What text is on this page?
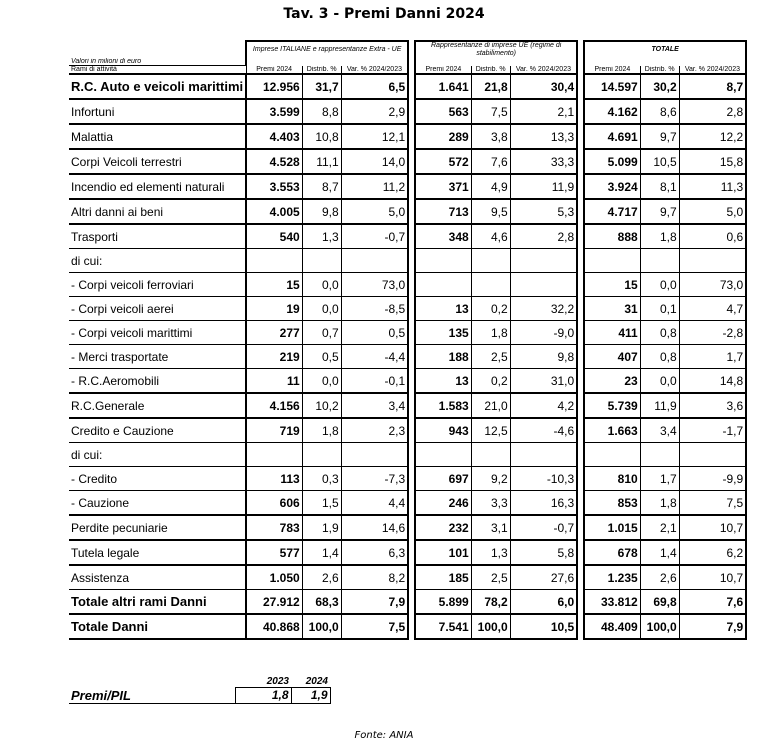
Tav. 3 - Premi Danni 2024
	Imprese ITALIANE e rappresentanze Extra - UE				Rappresentanze di imprese UE (regime di stabilimento)				TOTALE		
Valori in milioni di euro											
Rami di attività	Premi 2024	Distrib. %	Var. % 2024/2023		Premi 2024	Distrib. %	Var. % 2024/2023		Premi 2024	Distrib. %	Var. % 2024/2023
R.C. Auto e veicoli marittimi	12.956	31,7	6,5		1.641	21,8	30,4		14.597	30,2	8,7
Infortuni	3.599	8,8	2,9		563	7,5	2,1		4.162	8,6	2,8
Malattia	4.403	10,8	12,1		289	3,8	13,3		4.691	9,7	12,2
Corpi Veicoli terrestri	4.528	11,1	14,0		572	7,6	33,3		5.099	10,5	15,8
Incendio ed elementi naturali	3.553	8,7	11,2		371	4,9	11,9		3.924	8,1	11,3
Altri danni ai beni	4.005	9,8	5,0		713	9,5	5,3		4.717	9,7	5,0
Trasporti	540	1,3	-0,7		348	4,6	2,8		888	1,8	0,6
di cui:											
- Corpi veicoli ferroviari	15	0,0	73,0						15	0,0	73,0
- Corpi veicoli aerei	19	0,0	-8,5		13	0,2	32,2		31	0,1	4,7
- Corpi veicoli marittimi	277	0,7	0,5		135	1,8	-9,0		411	0,8	-2,8
- Merci trasportate	219	0,5	-4,4		188	2,5	9,8		407	0,8	1,7
- R.C.Aeromobili	11	0,0	-0,1		13	0,2	31,0		23	0,0	14,8
R.C.Generale	4.156	10,2	3,4		1.583	21,0	4,2		5.739	11,9	3,6
Credito e Cauzione	719	1,8	2,3		943	12,5	-4,6		1.663	3,4	-1,7
di cui:											
- Credito	113	0,3	-7,3		697	9,2	-10,3		810	1,7	-9,9
- Cauzione	606	1,5	4,4		246	3,3	16,3		853	1,8	7,5
Perdite pecuniarie	783	1,9	14,6		232	3,1	-0,7		1.015	2,1	10,7
Tutela legale	577	1,4	6,3		101	1,3	5,8		678	1,4	6,2
Assistenza	1.050	2,6	8,2		185	2,5	27,6		1.235	2,6	10,7
Totale altri rami Danni	27.912	68,3	7,9		5.899	78,2	6,0		33.812	69,8	7,6
Totale Danni	40.868	100,0	7,5		7.541	100,0	10,5		48.409	100,0	7,9
	2023	2024
Premi/PIL	1,8	1,9
Fonte: ANIA
